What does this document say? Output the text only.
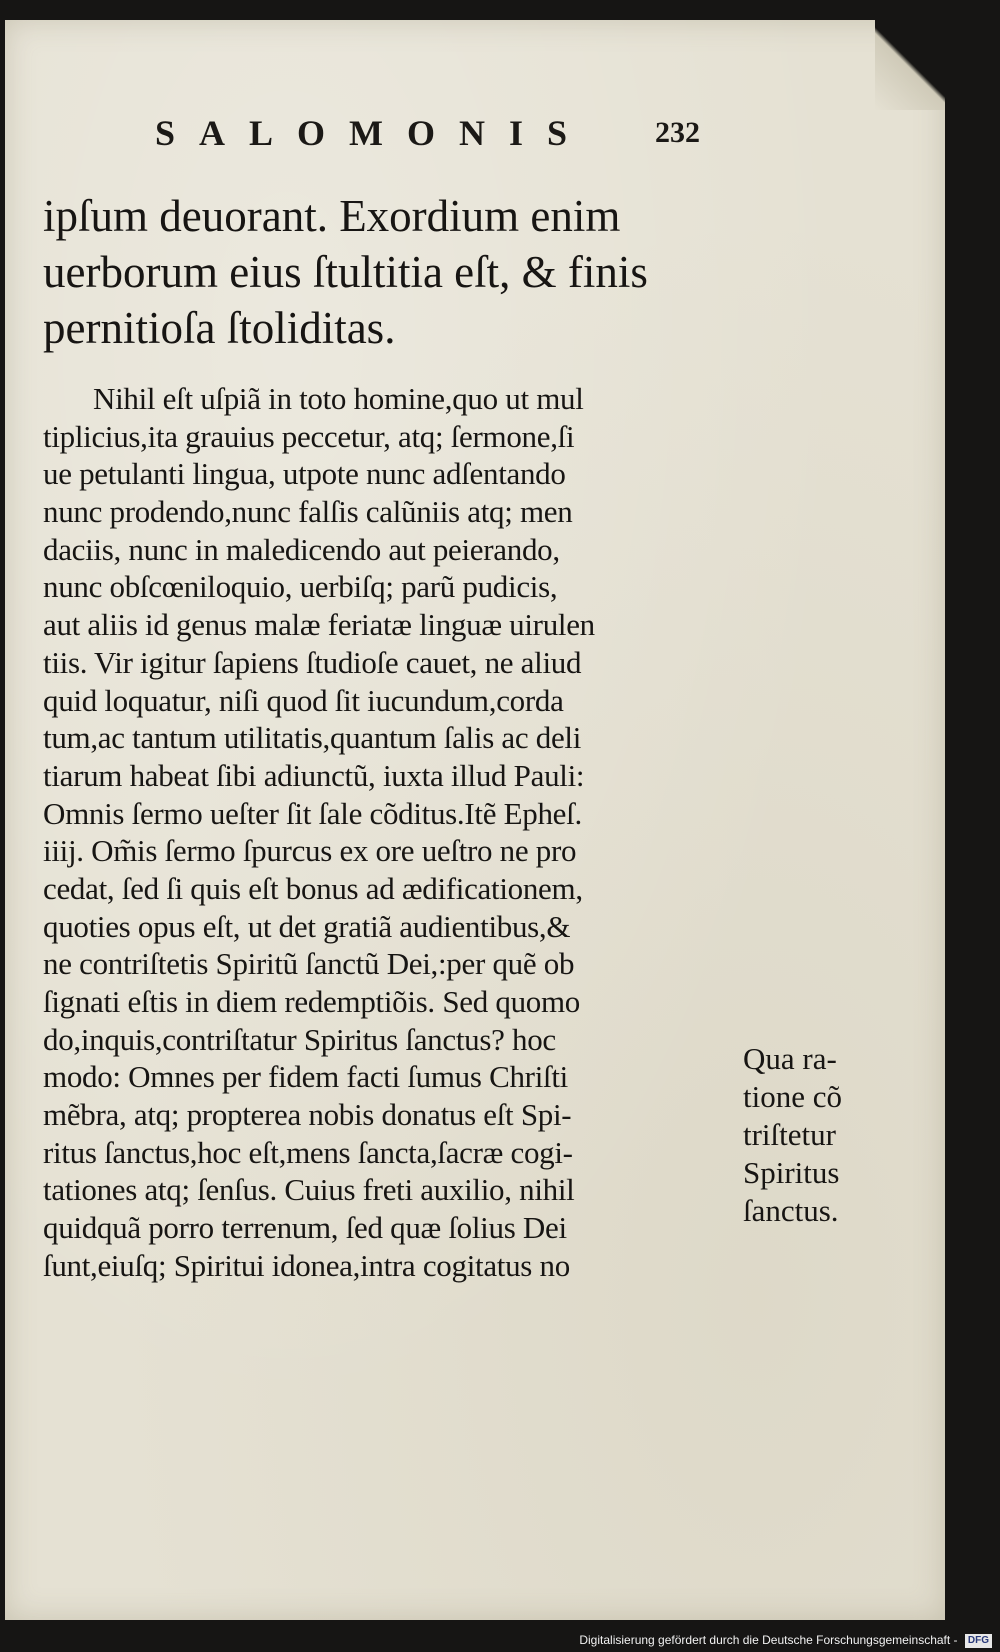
SALOMONIS 232
ipſum deuorant. Exordium enim
uerborum eius ſtultitia eſt, & finis
pernitioſa ſtoliditas.
Nihil eſt uſpiã in toto homine,quo ut mul
tiplicius,ita grauius peccetur, atq; ſermone,ſi
ue petulanti lingua, utpote nunc adſentando
nunc prodendo,nunc falſis calũniis atq; men
daciis, nunc in maledicendo aut peierando,
nunc obſcœniloquio, uerbiſq; parũ pudicis,
aut aliis id genus malæ feriatæ linguæ uirulen
tiis. Vir igitur ſapiens ſtudioſe cauet, ne aliud
quid loquatur, niſi quod ſit iucundum,corda
tum,ac tantum utilitatis,quantum ſalis ac deli
tiarum habeat ſibi adiunctũ, iuxta illud Pauli:
Omnis ſermo ueſter ſit ſale cõditus.Itẽ Epheſ.
iiij. Om̃is ſermo ſpurcus ex ore ueſtro ne pro
cedat, ſed ſi quis eſt bonus ad ædificationem,
quoties opus eſt, ut det gratiã audientibus,&
ne contriſtetis Spiritũ ſanctũ Dei,:per quẽ ob
ſignati eſtis in diem redemptiõis. Sed quomo
do,inquis,contriſtatur Spiritus ſanctus? hoc
modo: Omnes per fidem facti ſumus Chriſti
mẽbra, atq; propterea nobis donatus eſt Spi-
ritus ſanctus,hoc eſt,mens ſancta,ſacræ cogi-
tationes atq; ſenſus. Cuius freti auxilio, nihil
quidquã porro terrenum, ſed quæ ſolius Dei
ſunt,eiuſq; Spiritui idonea,intra cogitatus no
Qua ra-
tione cõ
triſtetur
Spiritus
ſanctus.
Digitalisierung gefördert durch die Deutsche Forschungsgemeinschaft - DFG
